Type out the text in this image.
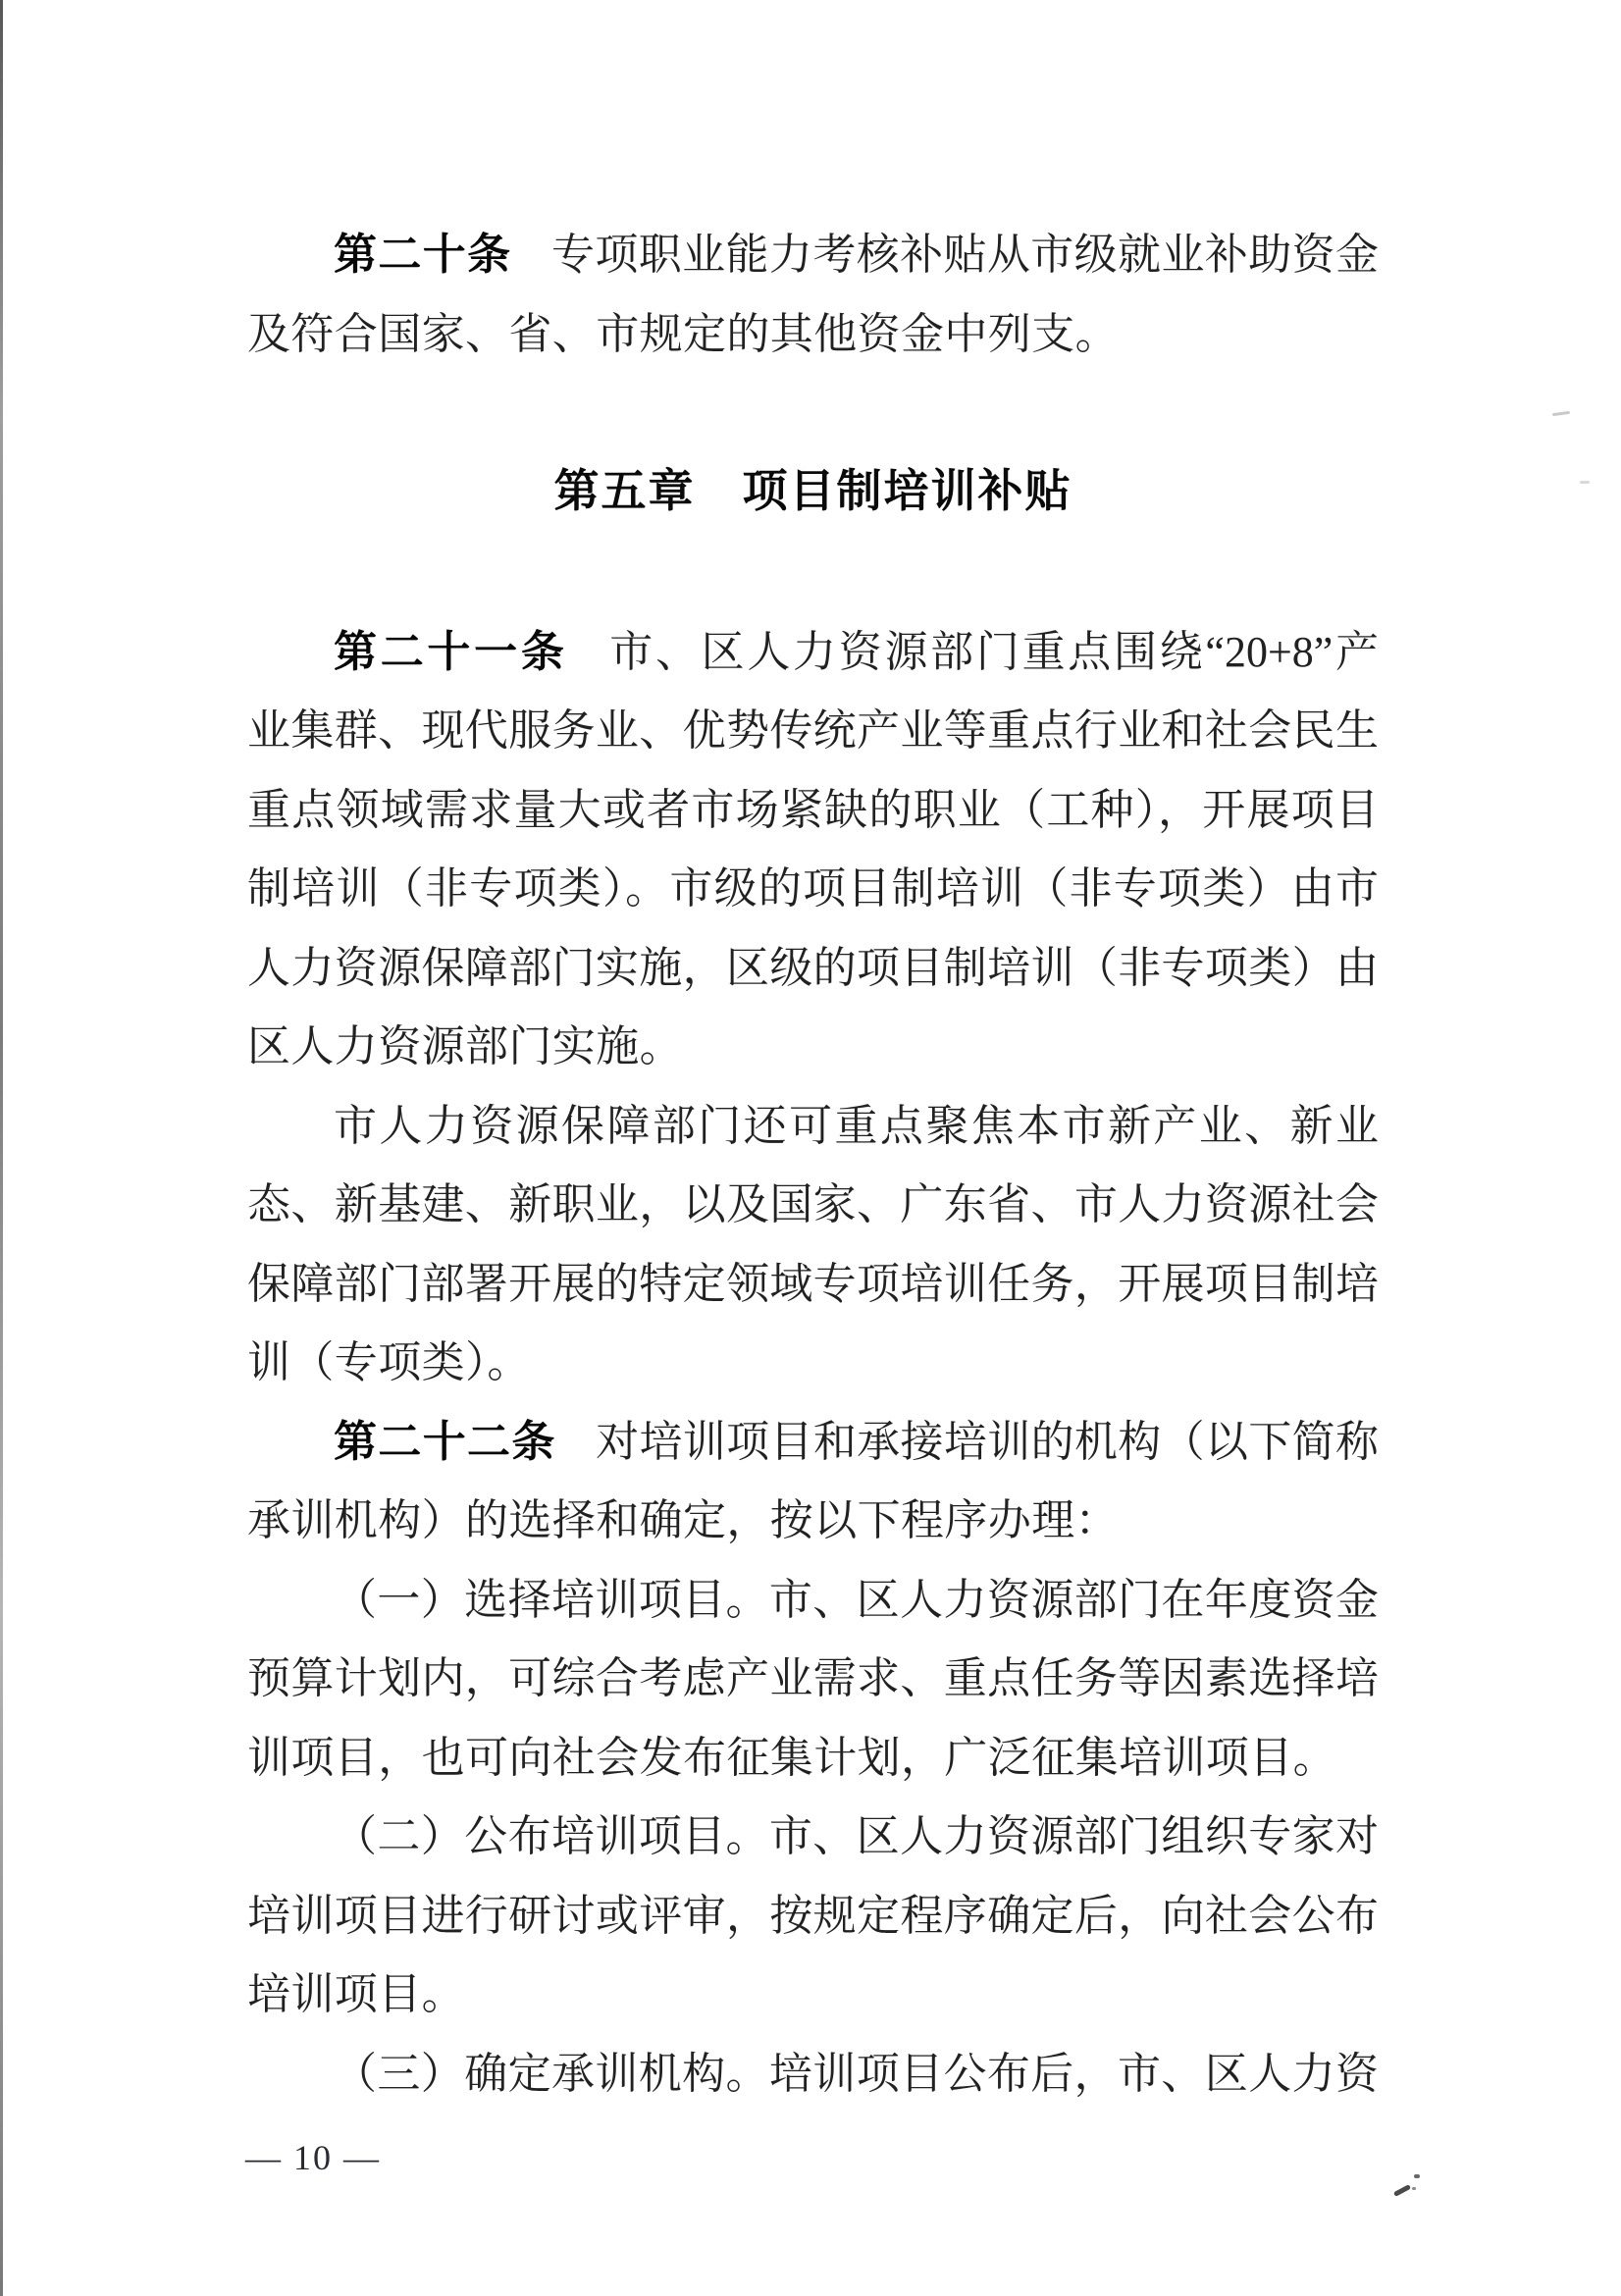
第二十条 专项职业能力考核补贴从市级就业补助资金
及符合国家、省、市规定的其他资金中列支。
第五章　项目制培训补贴
第二十一条 市、区人力资源部门重点围绕“20+8”产
业集群、现代服务业、优势传统产业等重点行业和社会民生
重点领域需求量大或者市场紧缺的职业（工种），开展项目
制培训（非专项类）。市级的项目制培训（非专项类）由市
人力资源保障部门实施，区级的项目制培训（非专项类）由
区人力资源部门实施。
市人力资源保障部门还可重点聚焦本市新产业、新业
态、新基建、新职业，以及国家、广东省、市人力资源社会
保障部门部署开展的特定领域专项培训任务，开展项目制培
训（专项类）。
第二十二条 对培训项目和承接培训的机构（以下简称
承训机构）的选择和确定，按以下程序办理：
（一）选择培训项目。市、区人力资源部门在年度资金
预算计划内，可综合考虑产业需求、重点任务等因素选择培
训项目，也可向社会发布征集计划，广泛征集培训项目。
（二）公布培训项目。市、区人力资源部门组织专家对
培训项目进行研讨或评审，按规定程序确定后，向社会公布
培训项目。
（三）确定承训机构。培训项目公布后，市、区人力资
— 10 —
